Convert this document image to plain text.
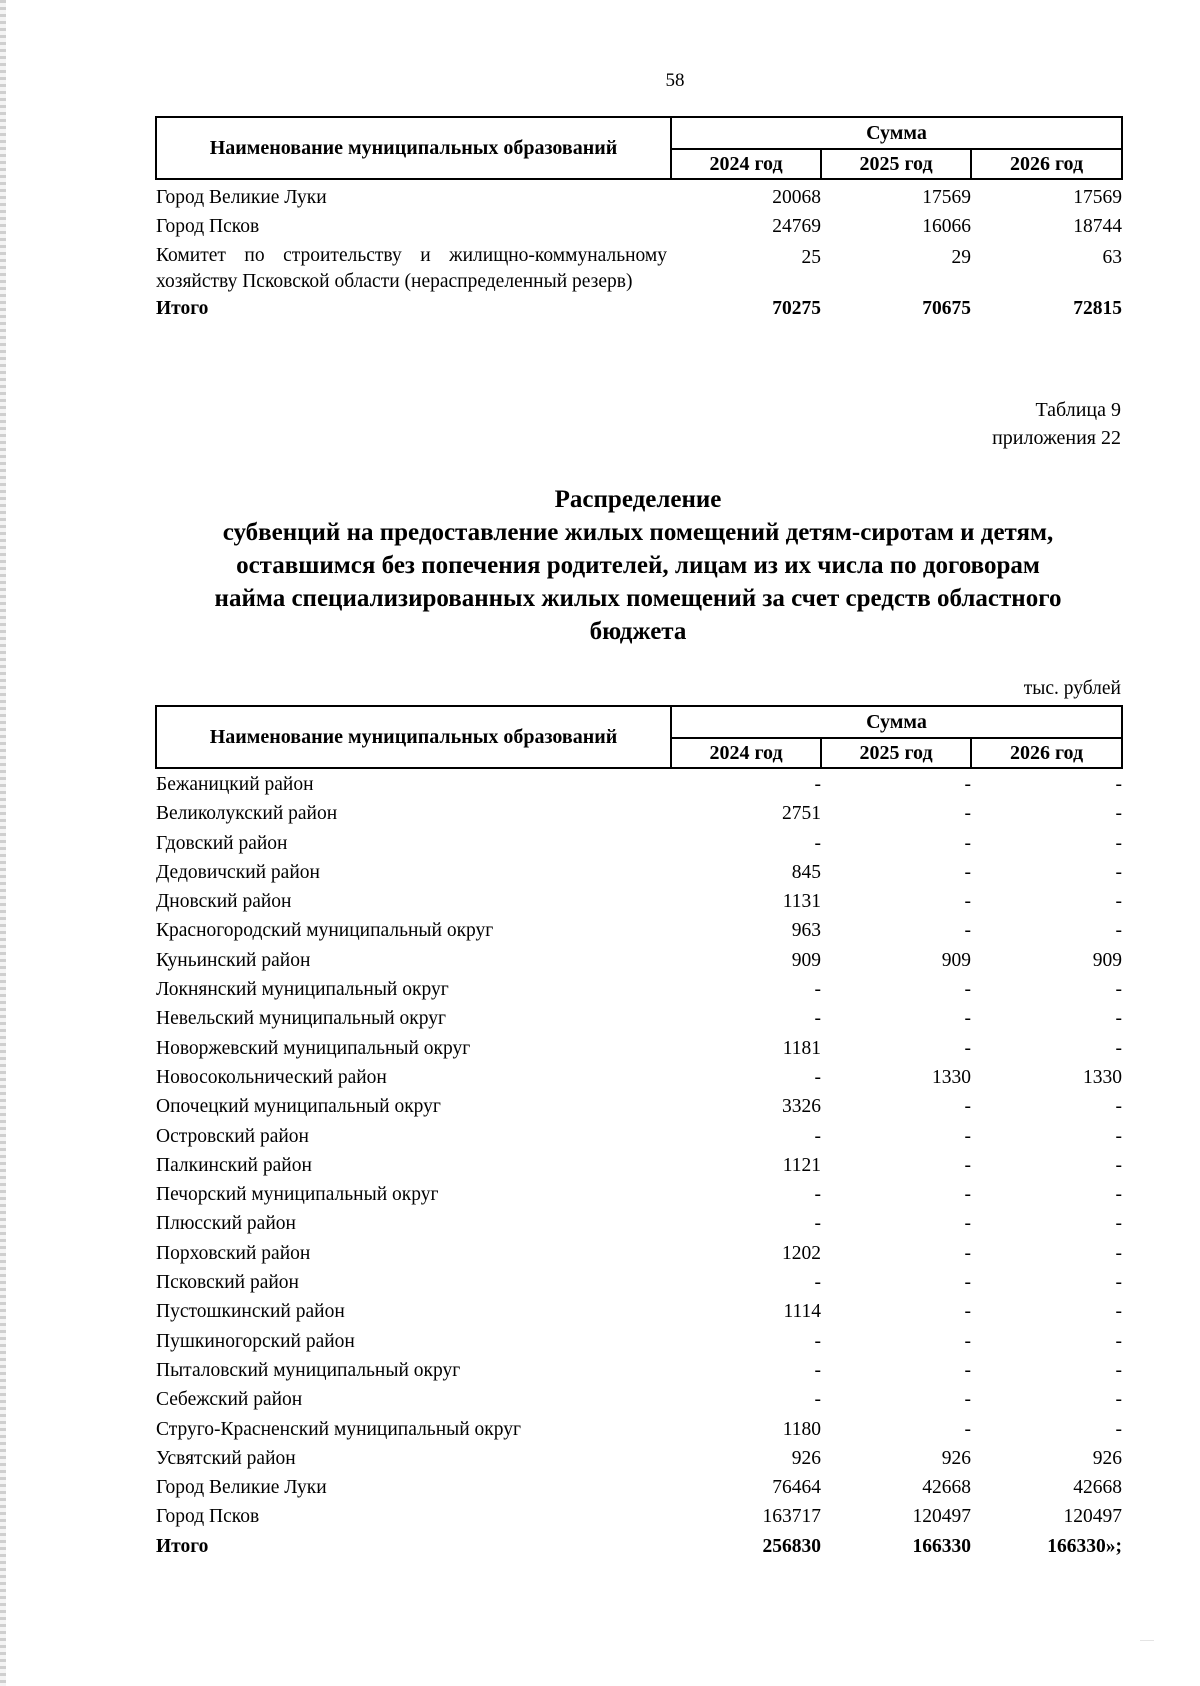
58
Наименование муниципальных образований	Сумма		
	2024 год	2025 год	2026 год
Город Великие Луки	20068	17569	17569
Город Псков	24769	16066	18744
Комитет по строительству и жилищно-коммунальному хозяйству Псковской области (нераспределенный резерв)	25	29	63
Итого	70275	70675	72815
Таблица 9
приложения 22
Распределение
субвенций на предоставление жилых помещений детям-сиротам и детям,
оставшимся без попечения родителей, лицам из их числа по договорам
найма специализированных жилых помещений за счет средств областного
бюджета
тыс. рублей
Наименование муниципальных образований	Сумма		
	2024 год	2025 год	2026 год
Бежаницкий район	-	-	-
Великолукский район	2751	-	-
Гдовский район	-	-	-
Дедовичский район	845	-	-
Дновский район	1131	-	-
Красногородский муниципальный округ	963	-	-
Куньинский район	909	909	909
Локнянский муниципальный округ	-	-	-
Невельский муниципальный округ	-	-	-
Новоржевский муниципальный округ	1181	-	-
Новосокольнический район	-	1330	1330
Опочецкий муниципальный округ	3326	-	-
Островский район	-	-	-
Палкинский район	1121	-	-
Печорский муниципальный округ	-	-	-
Плюсский район	-	-	-
Порховский район	1202	-	-
Псковский район	-	-	-
Пустошкинский район	1114	-	-
Пушкиногорский район	-	-	-
Пыталовский муниципальный округ	-	-	-
Себежский район	-	-	-
Струго-Красненский муниципальный округ	1180	-	-
Усвятский район	926	926	926
Город Великие Луки	76464	42668	42668
Город Псков	163717	120497	120497
Итого	256830	166330	166330»;
